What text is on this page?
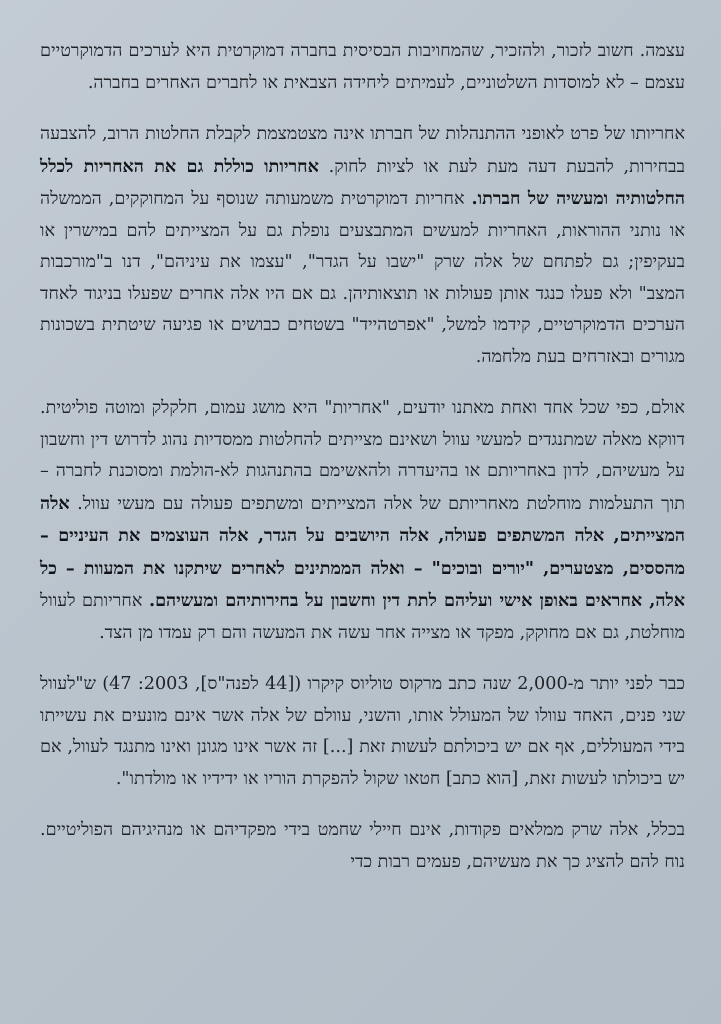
עצמה. חשוב לזכור, ולהזכיר, שהמחויבות הבסיסית בחברה דמוקרטית היא לערכים הדמוקרטיים עצמם – לא למוסדות השלטוניים, לעמיתים ליחידה הצבאית או לחברים האחרים בחברה.

אחריותו של פרט לאופני ההתנהלות של חברתו אינה מצטמצמת לקבלת החלטות הרוב, להצבעה בבחירות, להבעת דעה מעת לעת או לציות לחוק. אחריותו כוללת גם את האחריות לכלל החלטותיה ומעשיה של חברתו. אחריות דמוקרטית משמעותה שנוסף על המחוקקים, הממשלה או נותני ההוראות, האחריות למעשים המתבצעים נופלת גם על המצייתים להם במישרין או בעקיפין; גם לפתחם של אלה שרק "ישבו על הגדר", "עצמו את עיניהם", דנו ב"מורכבות המצב" ולא פעלו כנגד אותן פעולות או תוצאותיהן. גם אם היו אלה אחרים שפעלו בניגוד לאחד הערכים הדמוקרטיים, קידמו למשל, "אפרטהייד" בשטחים כבושים או פגיעה שיטתית בשכונות מגורים ובאזרחים בעת מלחמה.

אולם, כפי שכל אחד ואחת מאתנו יודעים, "אחריות" היא מושג עמום, חלקלק ומוטה פוליטית. דווקא מאלה שמתנגדים למעשי עוול ושאינם מצייתים להחלטות ממסדיות נהוג לדרוש דין וחשבון על מעשיהם, לדון באחריותם או בהיעדרה ולהאשימם בהתנהגות לא-הולמת ומסוכנת לחברה – תוך התעלמות מוחלטת מאחריותם של אלה המצייתים ומשתפים פעולה עם מעשי עוול. אלה המצייתים, אלה המשתפים פעולה, אלה היושבים על הגדר, אלה העוצמים את העיניים – מהססים, מצטערים, "יורים ובוכים" – ואלה הממתינים לאחרים שיתקנו את המעוות – כל אלה, אחראים באופן אישי ועליהם לתת דין וחשבון על בחירותיהם ומעשיהם. אחריותם לעוול מוחלטת, גם אם מחוקק, מפקד או מצייה אחר עשה את המעשה והם רק עמדו מן הצד.

כבר לפני יותר מ-2,000 שנה כתב מרקוס טוליוס קיקרו ([44 לפנה"ס], 2003: 47) ש"לעוול שני פנים, האחד עוולו של המעולל אותו, והשני, עוולם של אלה אשר אינם מונעים את עשייתו בידי המעוללים, אף אם יש ביכולתם לעשות זאת [...] זה אשר אינו מגונן ואינו מתנגד לעוול, אם יש ביכולתו לעשות זאת, [הוא כתב] חטאו שקול להפקרת הוריו או ידידיו או מולדתו".

בכלל, אלה שרק ממלאים פקודות, אינם חיילי שחמט בידי מפקדיהם או מנהיגיהם הפוליטיים. נוח להם להציג כך את מעשיהם, פעמים רבות כדי
